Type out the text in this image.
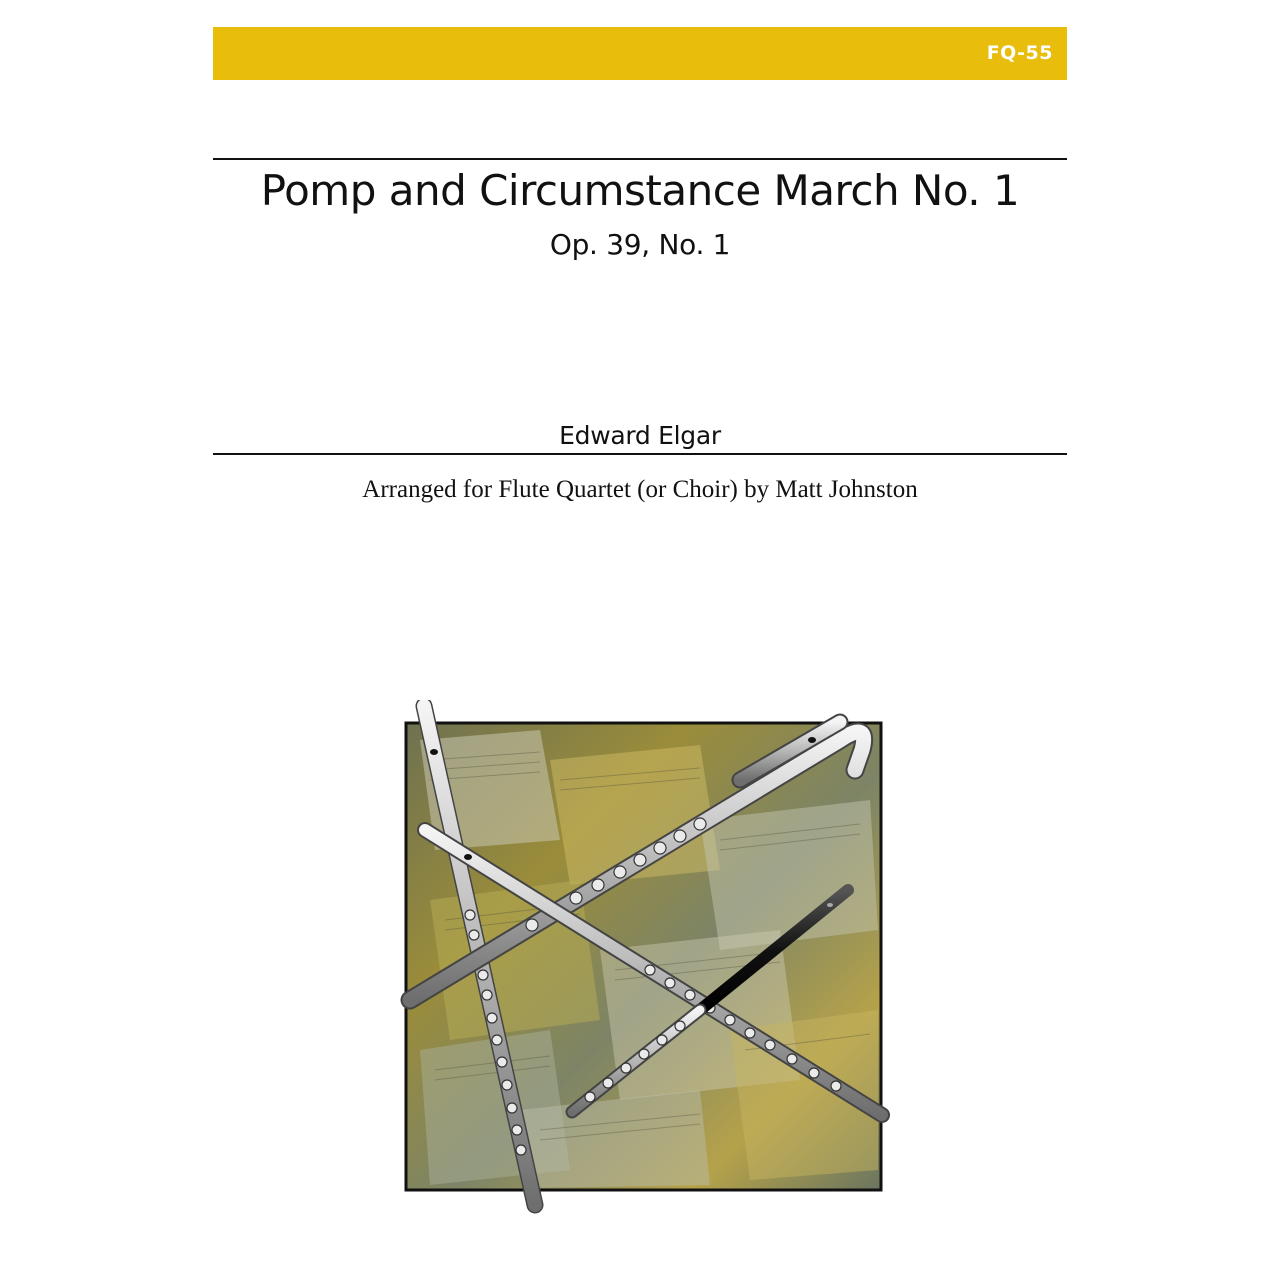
FQ-55
Pomp and Circumstance March No. 1
Op. 39, No. 1
Edward Elgar
Arranged for Flute Quartet (or Choir) by Matt Johnston
